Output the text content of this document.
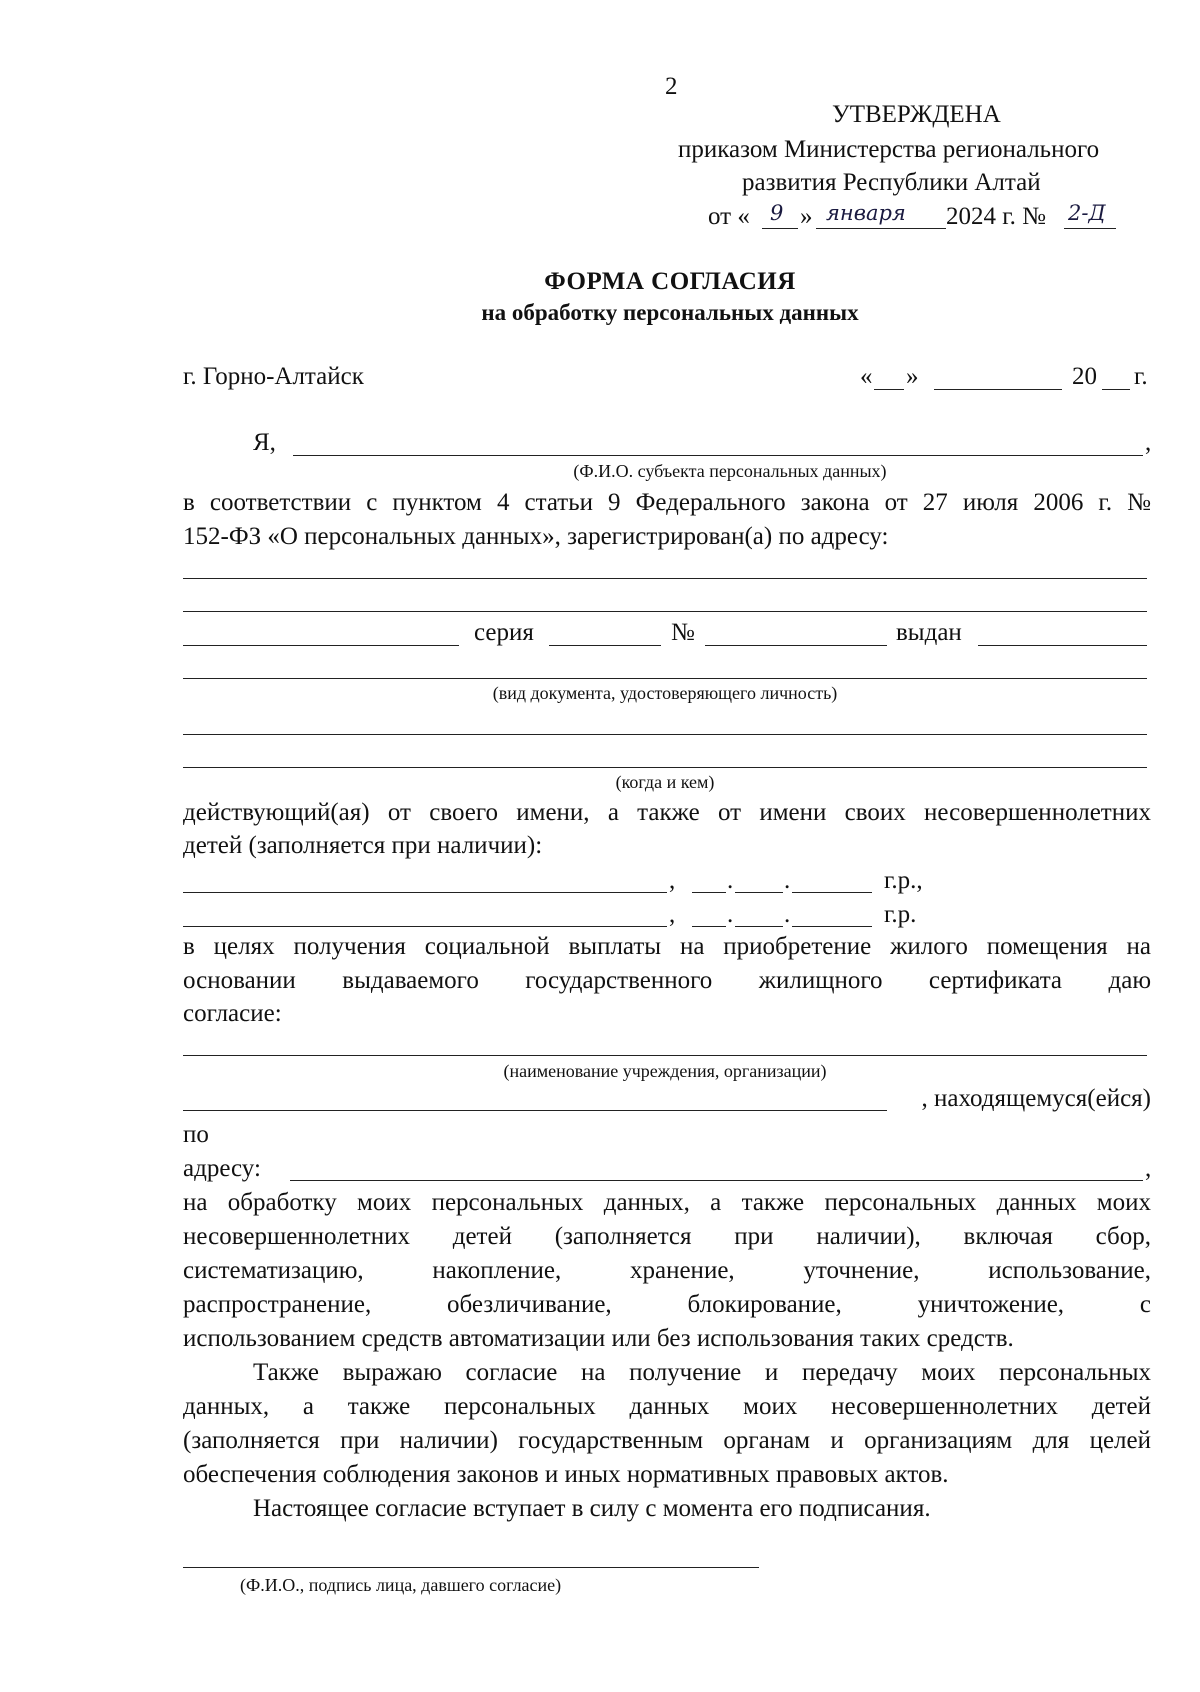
2
УТВЕРЖДЕНА
приказом Министерства регионального
развития Республики Алтай
от « 9 » января 2024 г. № 2-Д
ФОРМА СОГЛАСИЯ
на обработку персональных данных
г. Горно-Алтайск	« »	20 г.
Я,	,
(Ф.И.О. субъекта персональных данных)
в соответствии с пунктом 4 статьи 9 Федерального закона от 27 июля 2006 г. №
152-ФЗ «О персональных данных», зарегистрирован(а) по адресу:
серия	№	выдан
(вид документа, удостоверяющего личность)
(когда и кем)
действующий(ая) от своего имени, а также от имени своих несовершеннолетних
детей (заполняется при наличии):
, . .	г.р.,
, . .	г.р.
в целях получения социальной выплаты на приобретение жилого помещения на
основании выдаваемого государственного жилищного сертификата даю
согласие:
(наименование учреждения, организации)
, находящемуся(ейся)
по
адресу:	,
на обработку моих персональных данных, а также персональных данных моих
несовершеннолетних детей (заполняется при наличии), включая сбор,
систематизацию, накопление, хранение, уточнение, использование,
распространение, обезличивание, блокирование, уничтожение, с
использованием средств автоматизации или без использования таких средств.
Также выражаю согласие на получение и передачу моих персональных
данных, а также персональных данных моих несовершеннолетних детей
(заполняется при наличии) государственным органам и организациям для целей
обеспечения соблюдения законов и иных нормативных правовых актов.
Настоящее согласие вступает в силу с момента его подписания.
(Ф.И.О., подпись лица, давшего согласие)
